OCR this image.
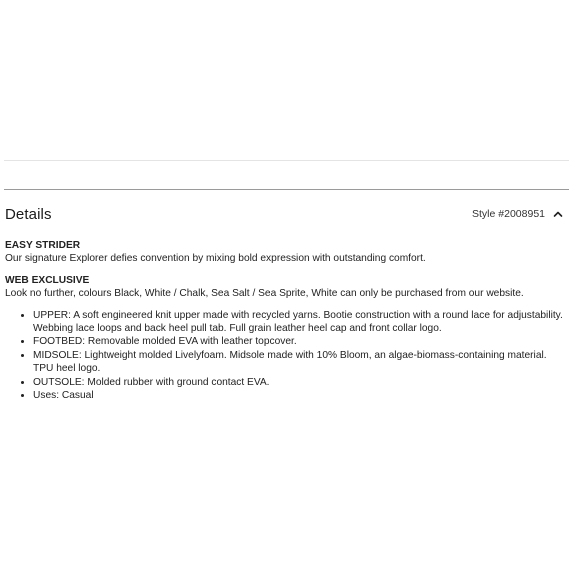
Details	Style #2008951
EASY STRIDER

Our signature Explorer defies convention by mixing bold expression with outstanding comfort.

WEB EXCLUSIVE

Look no further, colours Black, White / Chalk, Sea Salt / Sea Sprite, White can only be purchased from our website.

• UPPER: A soft engineered knit upper made with recycled yarns. Bootie construction with a round lace for adjustability. Webbing lace loops and back heel pull tab. Full grain leather heel cap and front collar logo.
• FOOTBED: Removable molded EVA with leather topcover.
• MIDSOLE: Lightweight molded Livelyfoam. Midsole made with 10% Bloom, an algae-biomass-containing material. TPU heel logo.
• OUTSOLE: Molded rubber with ground contact EVA.
• Uses: Casual
